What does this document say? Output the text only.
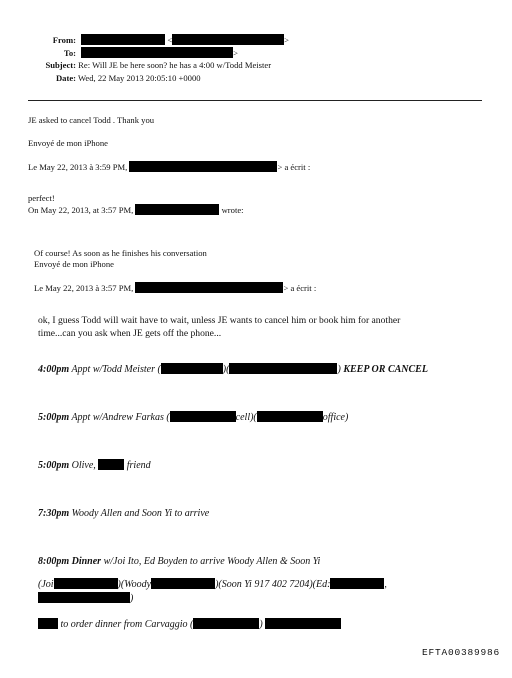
From:	<	>
To:	>
Subject: Re: Will JE be here soon? he has a 4:00 w/Todd Meister
Date: Wed, 22 May 2013 20:05:10 +0000
JE asked to cancel Todd . Thank you
Envoyé de mon iPhone
Le May 22, 2013 à 3:59 PM,	> a écrit :
perfect!
On May 22, 2013, at 3:57 PM,	wrote:
Of course! As soon as he finishes his conversation
Envoyé de mon iPhone
Le May 22, 2013 à 3:57 PM,	> a écrit :
ok, I guess Todd will wait have to wait, unless JE wants to cancel him or book him for another
time...can you ask when JE gets off the phone...
4:00pm Appt w/Todd Meister (	)(	) KEEP OR CANCEL
5:00pm Appt w/Andrew Farkas (	cell)(	office)
5:00pm Olive,	friend
7:30pm Woody Allen and Soon Yi to arrive
8:00pm Dinner w/Joi Ito, Ed Boyden to arrive Woody Allen & Soon Yi
(Joi	)(Woody	)(Soon Yi 917 402 7204)(Ed:	,
)
to order dinner from Carvaggio (	)
EFTA00389986
